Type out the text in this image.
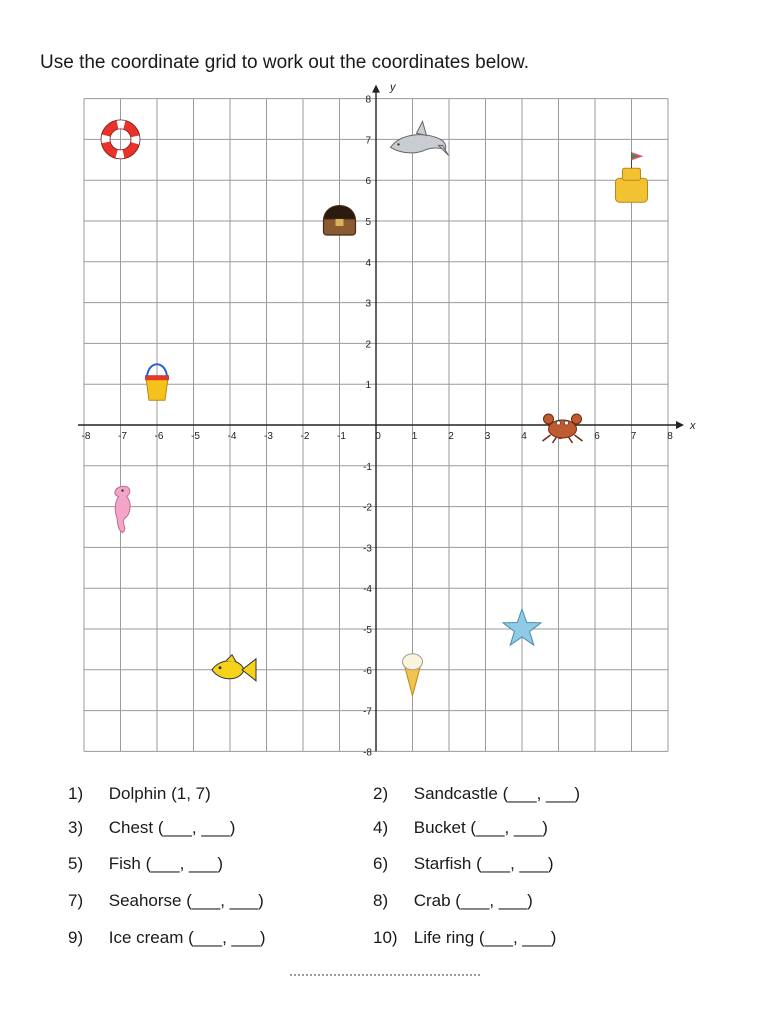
Use the coordinate grid to work out the coordinates below.
x
y
-8	-7	-6	-5	-4	-3	-2	-1	0	1	2	3	4	6	7	8
1
2
3
4
5
6
7
8
-1
-2
-3
-4
-5
-6
-7
-8
1) Dolphin (1, 7)	2) Sandcastle (___, ___)
3) Chest (___, ___)	4) Bucket (___, ___)
5) Fish (___, ___)	6) Starfish (___, ___)
7) Seahorse (___, ___)	8) Crab (___, ___)
9) Ice cream (___, ___)	10) Life ring (___, ___)
